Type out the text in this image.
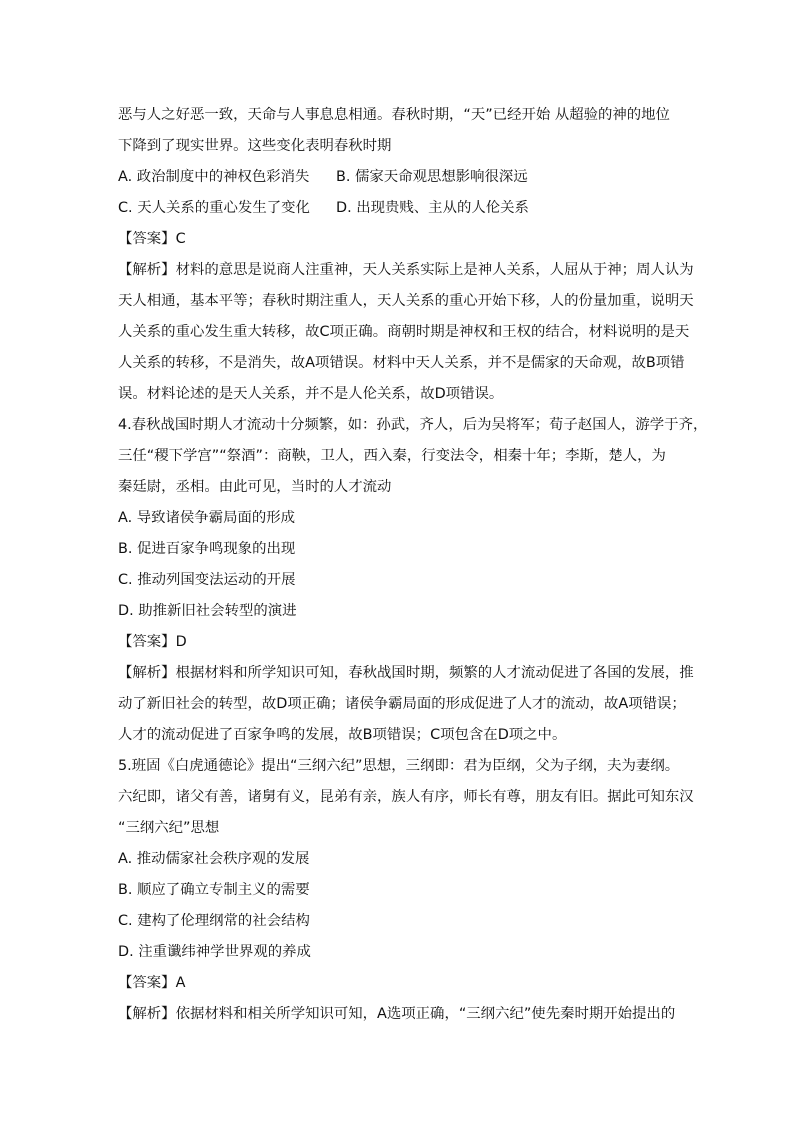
恶与人之好恶一致，天命与人事息息相通。春秋时期，“天”已经开始 从超验的神的地位
下降到了现实世界。这些变化表明春秋时期
A. 政治制度中的神权色彩消失 B. 儒家天命观思想影响很深远
C. 天人关系的重心发生了变化 D. 出现贵贱、主从的人伦关系
【答案】C
【解析】材料的意思是说商人注重神，天人关系实际上是神人关系，人屈从于神；周人认为
天人相通，基本平等；春秋时期注重人，天人关系的重心开始下移，人的份量加重，说明天
人关系的重心发生重大转移，故C项正确。商朝时期是神权和王权的结合，材料说明的是天
人关系的转移，不是消失，故A项错误。材料中天人关系，并不是儒家的天命观，故B项错
误。材料论述的是天人关系，并不是人伦关系，故D项错误。
4.春秋战国时期人才流动十分频繁，如：孙武，齐人，后为吴将军；荀子赵国人，游学于齐，
三任“稷下学宫”“祭酒”：商鞅，卫人，西入秦，行变法令，相秦十年；李斯，楚人，为
秦廷尉，丞相。由此可见，当时的人才流动
A. 导致诸侯争霸局面的形成
B. 促进百家争鸣现象的出现
C. 推动列国变法运动的开展
D. 助推新旧社会转型的演进
【答案】D
【解析】根据材料和所学知识可知，春秋战国时期，频繁的人才流动促进了各国的发展，推
动了新旧社会的转型，故D项正确；诸侯争霸局面的形成促进了人才的流动，故A项错误；
人才的流动促进了百家争鸣的发展，故B项错误；C项包含在D项之中。
5.班固《白虎通德论》提出“三纲六纪”思想，三纲即：君为臣纲，父为子纲，夫为妻纲。
六纪即，诸父有善，诸舅有义，昆弟有亲，族人有序，师长有尊，朋友有旧。据此可知东汉
“三纲六纪”思想
A. 推动儒家社会秩序观的发展
B. 顺应了确立专制主义的需要
C. 建构了伦理纲常的社会结构
D. 注重谶纬神学世界观的养成
【答案】A
【解析】依据材料和相关所学知识可知，A选项正确，“三纲六纪”使先秦时期开始提出的
